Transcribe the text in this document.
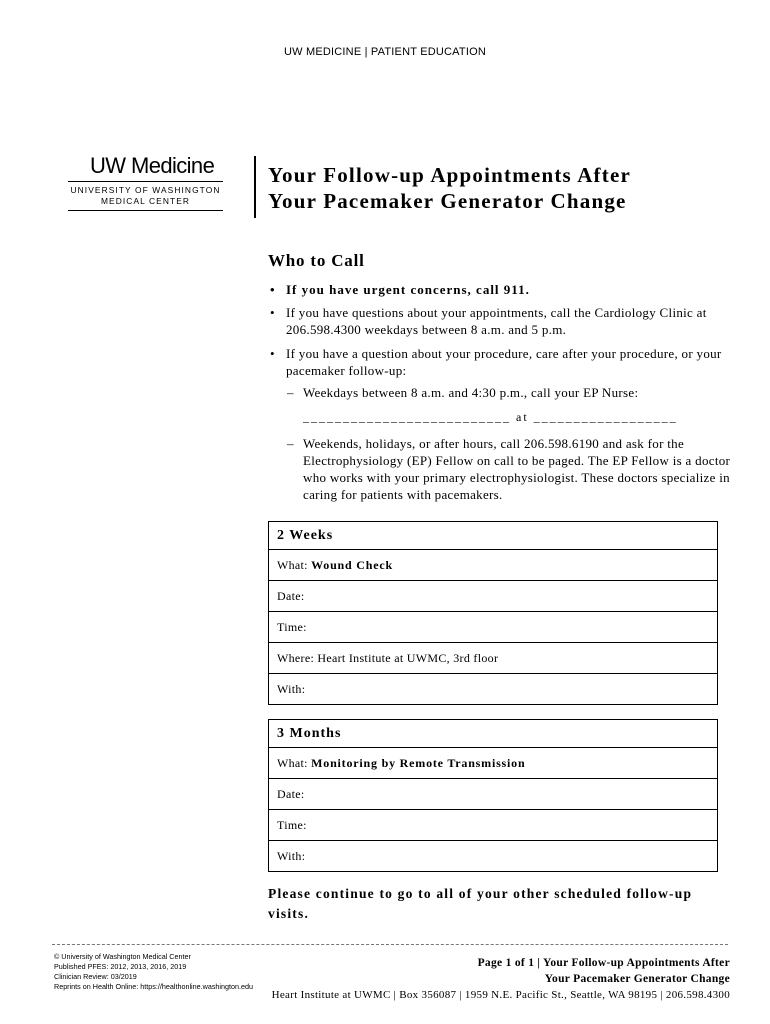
UW MEDICINE | PATIENT EDUCATION
UW Medicine
UNIVERSITY OF WASHINGTON
MEDICAL CENTER
Your Follow-up Appointments After
Your Pacemaker Generator Change
Who to Call
• If you have urgent concerns, call 911.
• If you have questions about your appointments, call the Cardiology Clinic at 206.598.4300 weekdays between 8 a.m. and 5 p.m.
• If you have a question about your procedure, care after your procedure, or your pacemaker follow-up:
– Weekdays between 8 a.m. and 4:30 p.m., call your EP Nurse:
__________________________ at __________________
– Weekends, holidays, or after hours, call 206.598.6190 and ask for the Electrophysiology (EP) Fellow on call to be paged. The EP Fellow is a doctor who works with your primary electrophysiologist. These doctors specialize in caring for patients with pacemakers.
2 Weeks
What: Wound Check
Date:
Time:
Where: Heart Institute at UWMC, 3rd floor
With:
3 Months
What: Monitoring by Remote Transmission
Date:
Time:
With:
Please continue to go to all of your other scheduled follow-up visits.
© University of Washington Medical Center
Published PFES: 2012, 2013, 2016, 2019
Clinician Review: 03/2019
Reprints on Health Online: https://healthonline.washington.edu
Page 1 of 1 | Your Follow-up Appointments After
Your Pacemaker Generator Change
Heart Institute at UWMC | Box 356087 | 1959 N.E. Pacific St., Seattle, WA 98195 | 206.598.4300
